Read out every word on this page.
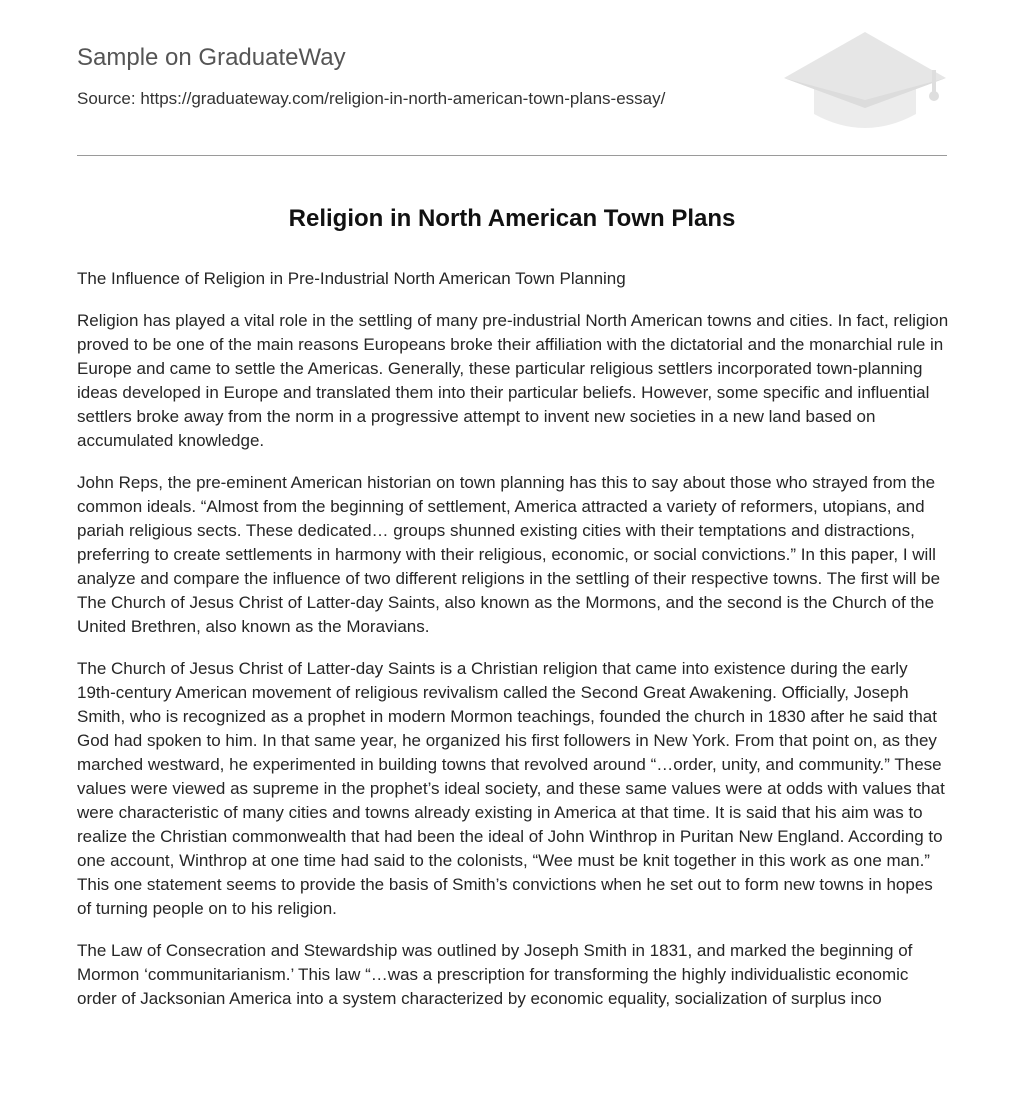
Sample on GraduateWay
Source: https://graduateway.com/religion-in-north-american-town-plans-essay/
Religion in North American Town Plans

The Influence of Religion in Pre-Industrial North American Town Planning

Religion has played a vital role in the settling of many pre-industrial North American towns and cities. In fact, religion proved to be one of the main reasons Europeans broke their affiliation with the dictatorial and the monarchial rule in Europe and came to settle the Americas. Generally, these particular religious settlers incorporated town-planning ideas developed in Europe and translated them into their particular beliefs. However, some specific and influential settlers broke away from the norm in a progressive attempt to invent new societies in a new land based on accumulated knowledge.

John Reps, the pre-eminent American historian on town planning has this to say about those who strayed from the common ideals. “Almost from the beginning of settlement, America attracted a variety of reformers, utopians, and pariah religious sects. These dedicated… groups shunned existing cities with their temptations and distractions, preferring to create settlements in harmony with their religious, economic, or social convictions.” In this paper, I will analyze and compare the influence of two different religions in the settling of their respective towns. The first will be The Church of Jesus Christ of Latter-day Saints, also known as the Mormons, and the second is the Church of the United Brethren, also known as the Moravians.

The Church of Jesus Christ of Latter-day Saints is a Christian religion that came into existence during the early 19th-century American movement of religious revivalism called the Second Great Awakening. Officially, Joseph Smith, who is recognized as a prophet in modern Mormon teachings, founded the church in 1830 after he said that God had spoken to him. In that same year, he organized his first followers in New York. From that point on, as they marched westward, he experimented in building towns that revolved around “…order, unity, and community.” These values were viewed as supreme in the prophet’s ideal society, and these same values were at odds with values that were characteristic of many cities and towns already existing in America at that time. It is said that his aim was to realize the Christian commonwealth that had been the ideal of John Winthrop in Puritan New England. According to one account, Winthrop at one time had said to the colonists, “Wee must be knit together in this work as one man.” This one statement seems to provide the basis of Smith’s convictions when he set out to form new towns in hopes of turning people on to his religion.

The Law of Consecration and Stewardship was outlined by Joseph Smith in 1831, and marked the beginning of Mormon ‘communitarianism.’ This law “…was a prescription for transforming the highly individualistic economic order of Jacksonian America into a system characterized by economic equality, socialization of surplus inco
